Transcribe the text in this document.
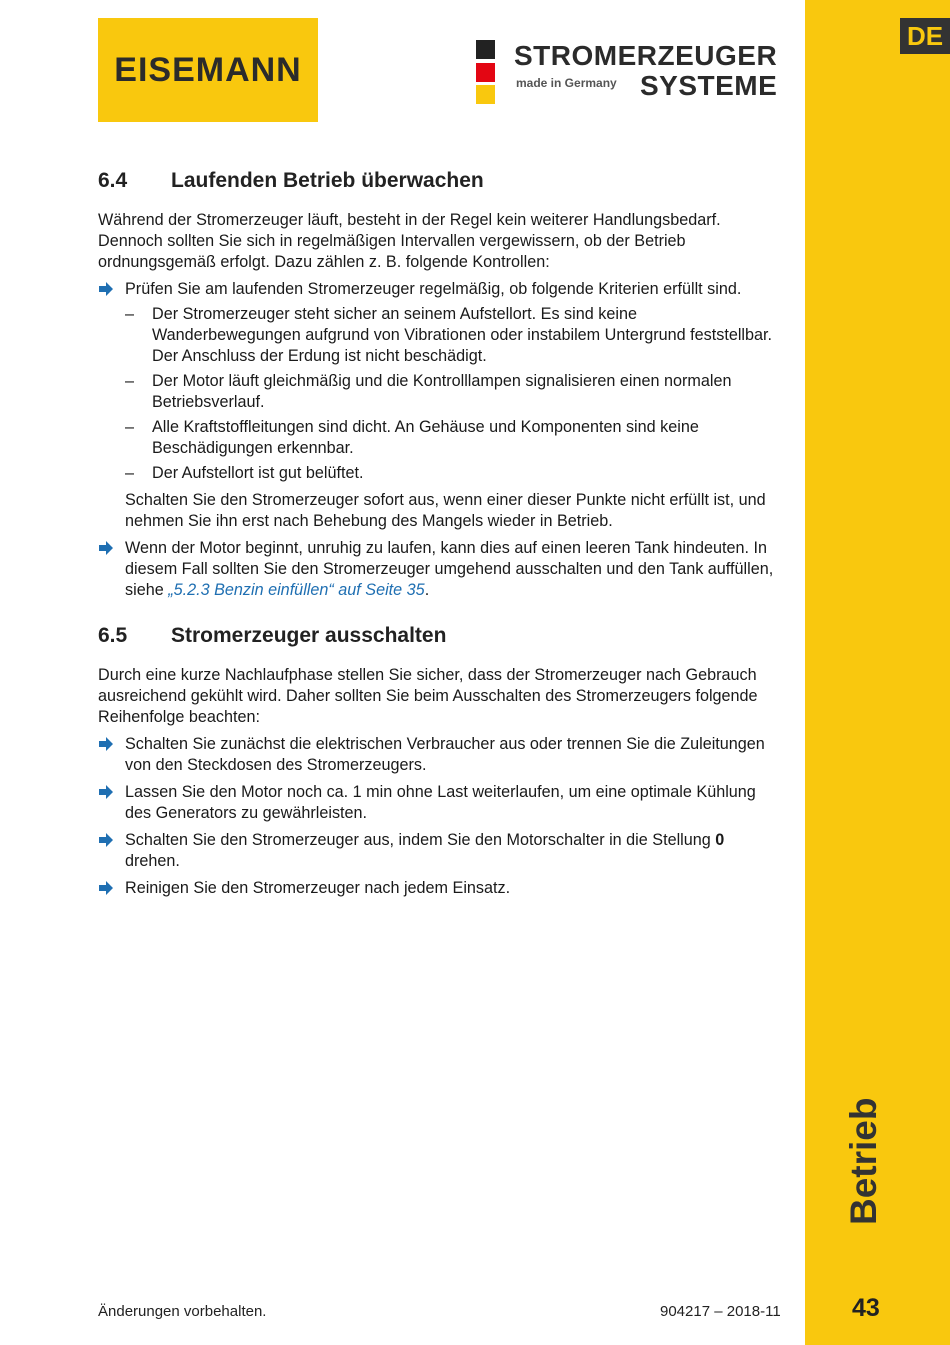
DE
Betrieb
43
EISEMANN	STROMERZEUGER
made in Germany SYSTEME
6.4 Laufenden Betrieb überwachen

Während der Stromerzeuger läuft, besteht in der Regel kein weiterer Handlungsbedarf. Dennoch sollten Sie sich in regelmäßigen Intervallen vergewissern, ob der Betrieb ordnungsgemäß erfolgt. Dazu zählen z. B. folgende Kontrollen:

Prüfen Sie am laufenden Stromerzeuger regelmäßig, ob folgende Kriterien erfüllt sind.
– Der Stromerzeuger steht sicher an seinem Aufstellort. Es sind keine Wanderbewegungen aufgrund von Vibrationen oder instabilem Untergrund feststellbar. Der Anschluss der Erdung ist nicht beschädigt.
– Der Motor läuft gleichmäßig und die Kontrolllampen signalisieren einen normalen Betriebsverlauf.
– Alle Kraftstoffleitungen sind dicht. An Gehäuse und Komponenten sind keine Beschädigungen erkennbar.
– Der Aufstellort ist gut belüftet.

Schalten Sie den Stromerzeuger sofort aus, wenn einer dieser Punkte nicht erfüllt ist, und nehmen Sie ihn erst nach Behebung des Mangels wieder in Betrieb.

Wenn der Motor beginnt, unruhig zu laufen, kann dies auf einen leeren Tank hindeuten. In diesem Fall sollten Sie den Stromerzeuger umgehend ausschalten und den Tank auffüllen, siehe „5.2.3 Benzin einfüllen“ auf Seite 35.
6.5 Stromerzeuger ausschalten

Durch eine kurze Nachlaufphase stellen Sie sicher, dass der Stromerzeuger nach Gebrauch ausreichend gekühlt wird. Daher sollten Sie beim Ausschalten des Stromerzeugers folgende Reihenfolge beachten:

Schalten Sie zunächst die elektrischen Verbraucher aus oder trennen Sie die Zuleitungen von den Steckdosen des Stromerzeugers.
Lassen Sie den Motor noch ca. 1 min ohne Last weiterlaufen, um eine optimale Kühlung des Generators zu gewährleisten.
Schalten Sie den Stromerzeuger aus, indem Sie den Motorschalter in die Stellung 0 drehen.
Reinigen Sie den Stromerzeuger nach jedem Einsatz.
Änderungen vorbehalten.	904217 – 2018-11
